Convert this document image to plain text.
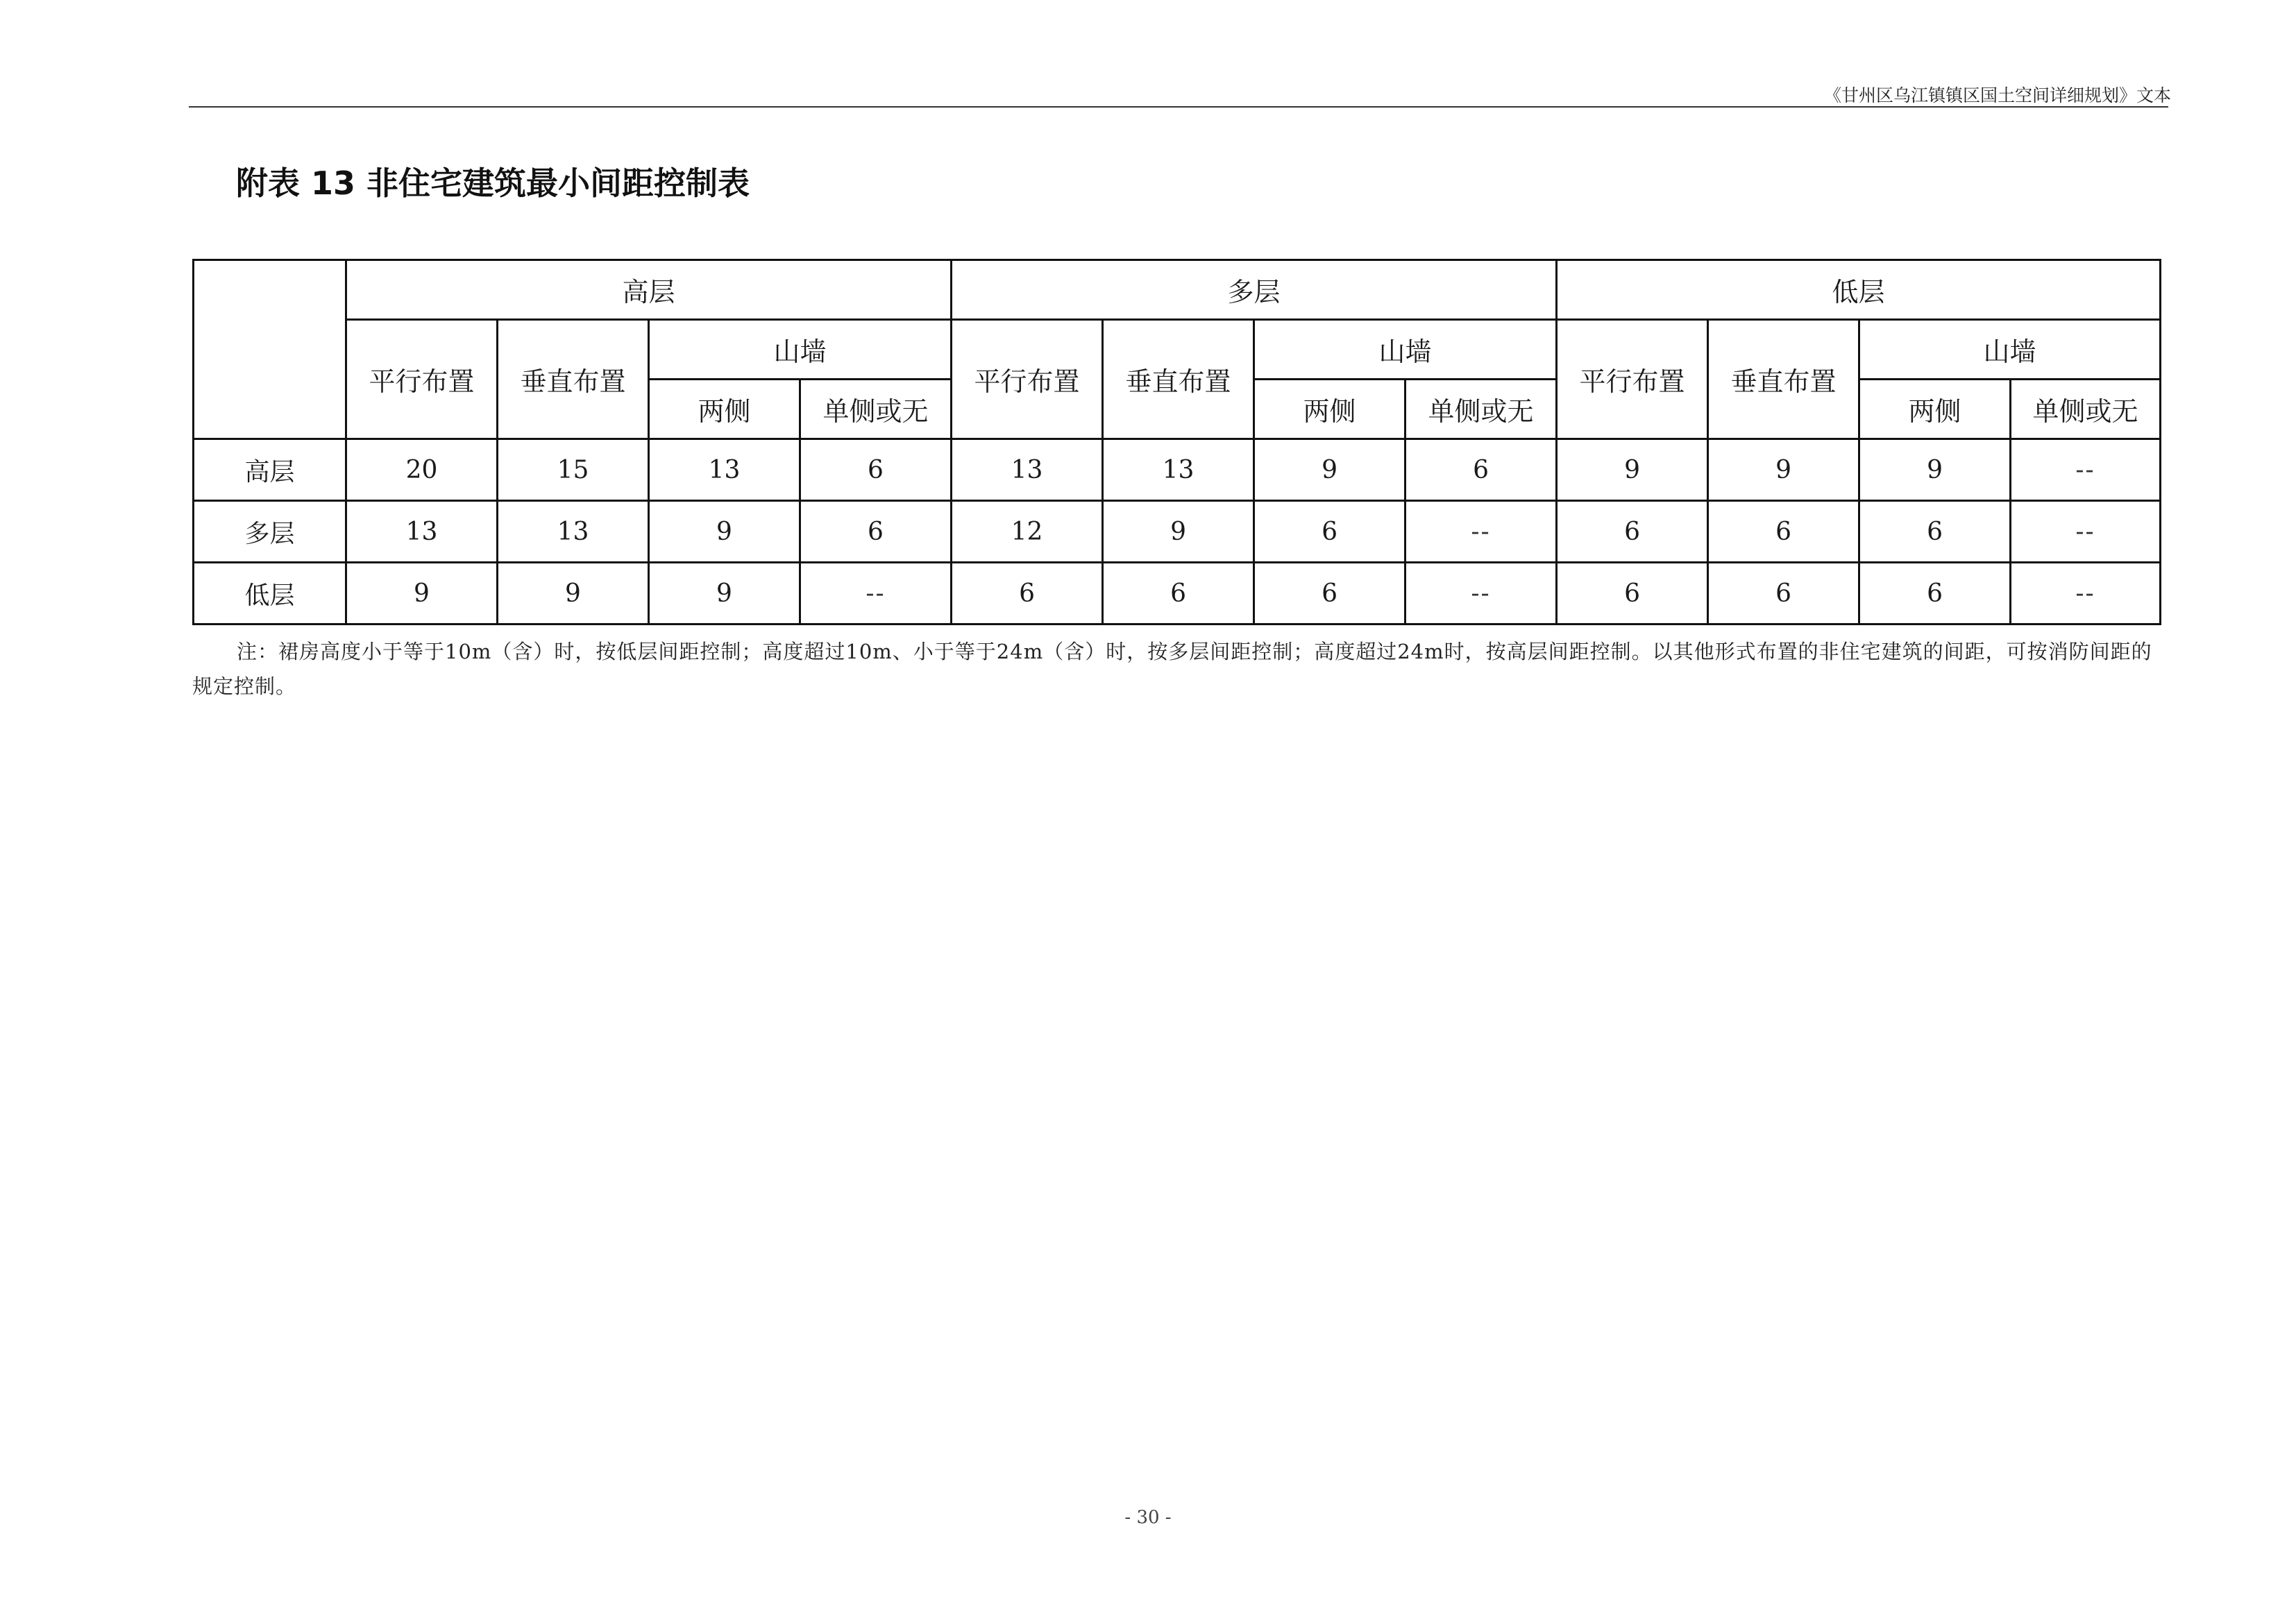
《甘州区乌江镇镇区国土空间详细规划》文本
附表 13 非住宅建筑最小间距控制表
	高层				多层				低层			
	平行布置	垂直布置	山墙		平行布置	垂直布置	山墙		平行布置	垂直布置	山墙	
			两侧	单侧或无			两侧	单侧或无			两侧	单侧或无
高层	20	15	13	6	13	13	9	6	9	9	9	--
多层	13	13	9	6	12	9	6	--	6	6	6	--
低层	9	9	9	--	6	6	6	--	6	6	6	--
注：裙房高度小于等于10m（含）时，按低层间距控制；高度超过10m、小于等于24m（含）时，按多层间距控制；高度超过24m时，按高层间距控制。以其他形式布置的非住宅建筑的间距，可按消防间距的规定控制。
- 30 -
